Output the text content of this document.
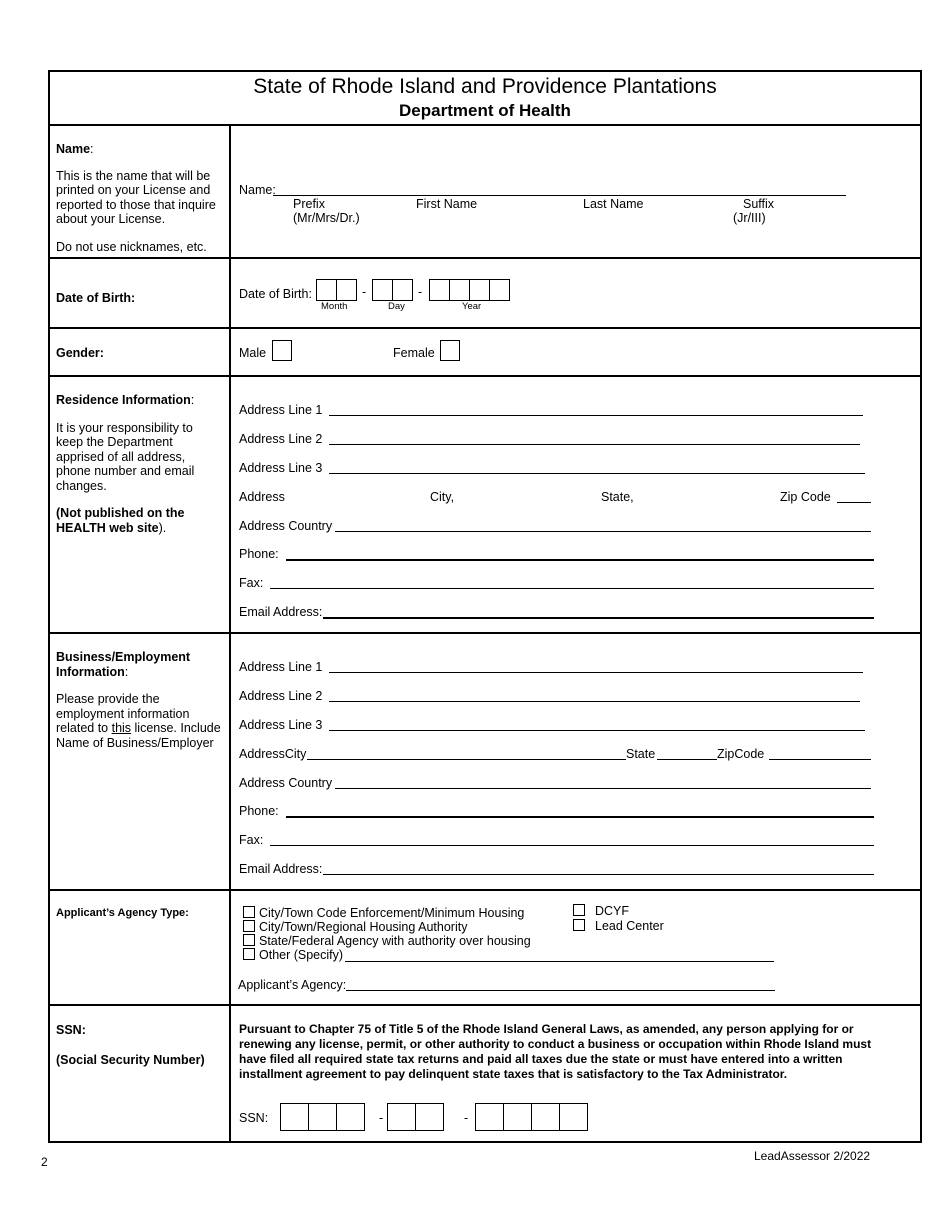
State of Rhode Island and Providence Plantations
Department of Health
Name:
This is the name that will be printed on your License and reported to those that inquire about your License.
Do not use nicknames, etc.
Name:
Prefix
(Mr/Mrs/Dr.)
First Name	Last Name	Suffix
(Jr/III)
Date of Birth:	Date of Birth:	-	-
Month	Day	Year
Gender:	Male	Female
Residence Information:
It is your responsibility to keep the Department apprised of all address, phone number and email changes.
(Not published on the HEALTH web site).
Address Line 1
Address Line 2
Address Line 3
Address	City,	State,	Zip Code
Address Country
Phone:
Fax:
Email Address:
Business/Employment Information:
Please provide the employment information related to this license. Include Name of Business/Employer
Address Line 1
Address Line 2
Address Line 3
AddressCity	State	ZipCode
Address Country
Phone:
Fax:
Email Address:
Applicant’s Agency Type:	City/Town Code Enforcement/Minimum Housing
City/Town/Regional Housing Authority
State/Federal Agency with authority over housing
Other (Specify)
DCYF
Lead Center
Applicant’s Agency:
SSN:
(Social Security Number)
Pursuant to Chapter 75 of Title 5 of the Rhode Island General Laws, as amended, any person applying for or renewing any license, permit, or other authority to conduct a business or occupation within Rhode Island must have filed all required state tax returns and paid all taxes due the state or must have entered into a written installment agreement to pay delinquent state taxes that is satisfactory to the Tax Administrator.
SSN:	-	-
2	LeadAssessor 2/2022
